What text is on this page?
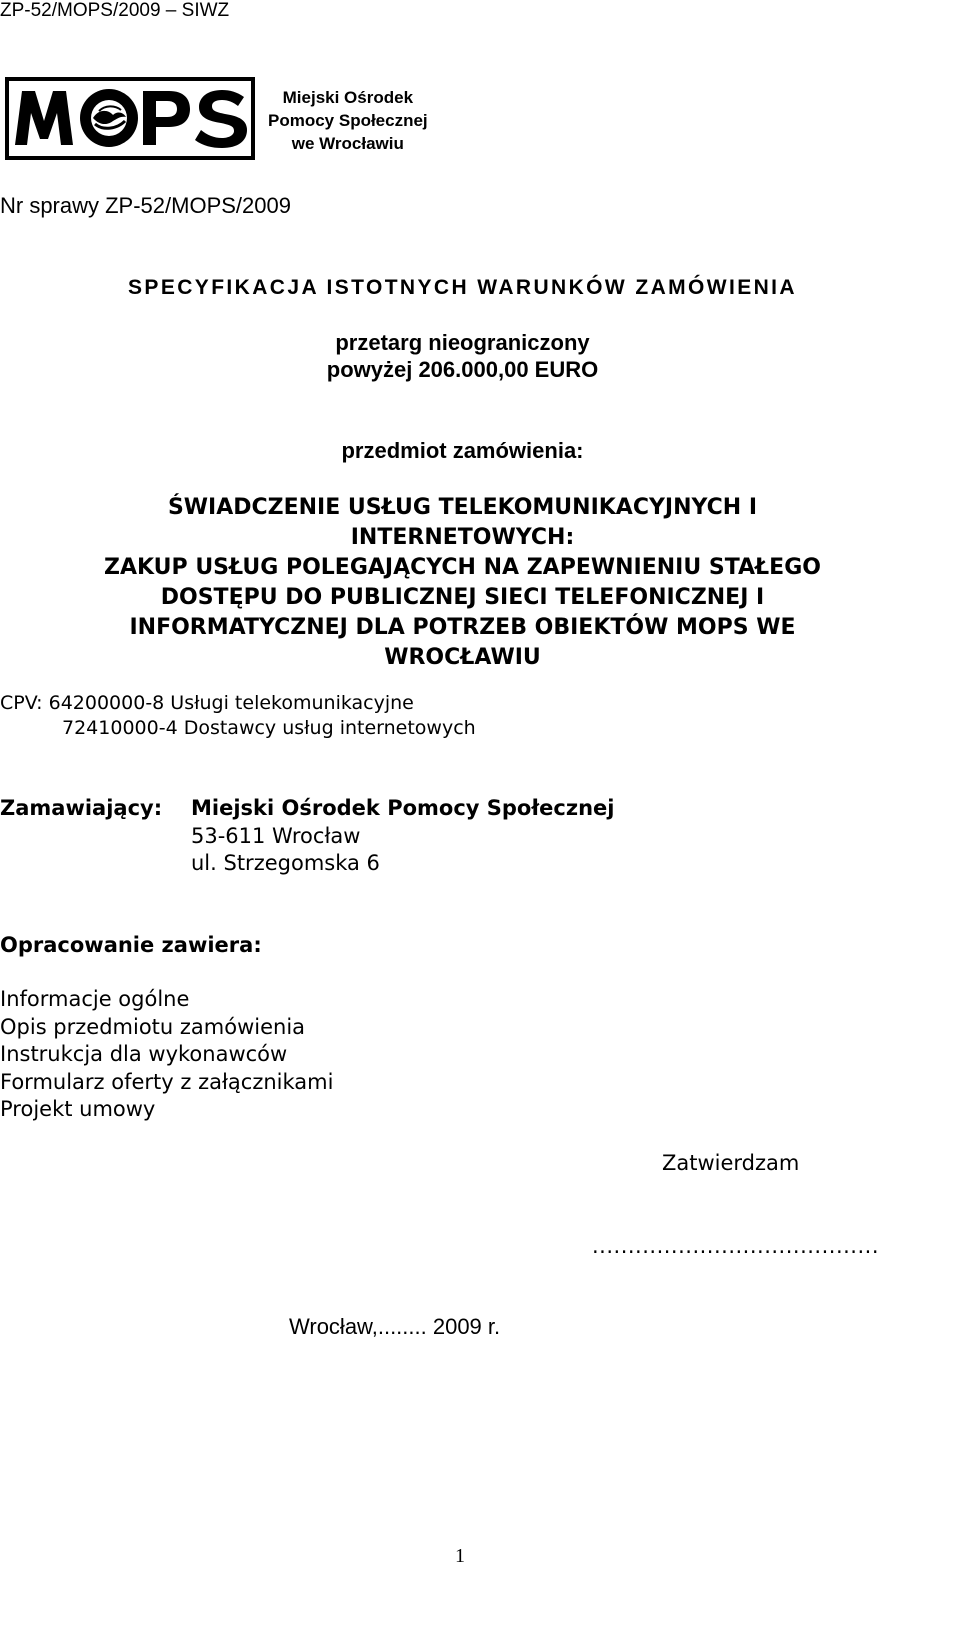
ZP-52/MOPS/2009 – SIWZ
Miejski Ośrodek
Pomocy Społecznej
we Wrocławiu
Nr sprawy ZP-52/MOPS/2009
SPECYFIKACJA ISTOTNYCH WARUNKÓW ZAMÓWIENIA
przetarg nieograniczony
powyżej 206.000,00 EURO
przedmiot zamówienia:
ŚWIADCZENIE USŁUG TELEKOMUNIKACYJNYCH I
INTERNETOWYCH:
ZAKUP USŁUG POLEGAJĄCYCH NA ZAPEWNIENIU STAŁEGO
DOSTĘPU DO PUBLICZNEJ SIECI TELEFONICZNEJ I
INFORMATYCZNEJ DLA POTRZEB OBIEKTÓW MOPS WE
WROCŁAWIU
CPV: 64200000-8 Usługi telekomunikacyjne
72410000-4 Dostawcy usług internetowych
Zamawiający: Miejski Ośrodek Pomocy Społecznej
53-611 Wrocław
ul. Strzegomska 6
Opracowanie zawiera:
Informacje ogólne
Opis przedmiotu zamówienia
Instrukcja dla wykonawców
Formularz oferty z załącznikami
Projekt umowy
Zatwierdzam
........................................
Wrocław,........ 2009 r.
1
